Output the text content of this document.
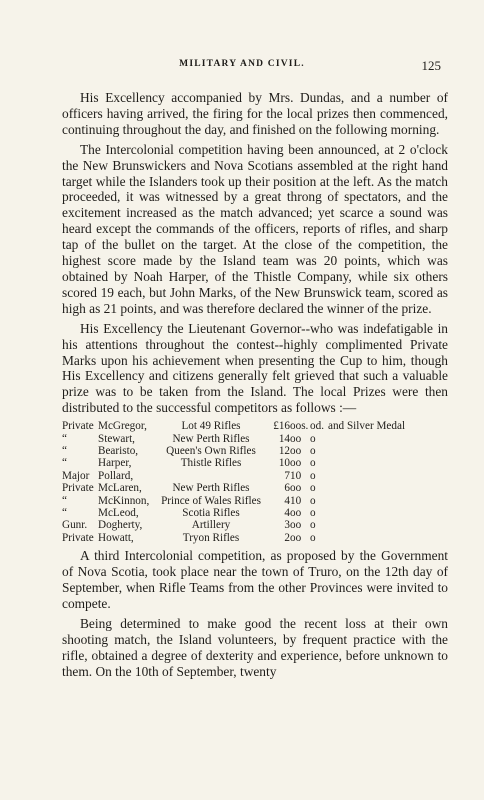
MILITARY AND CIVIL.	125

His Excellency accompanied by Mrs. Dundas, and a number of officers having arrived, the firing for the local prizes then commenced, continuing throughout the day, and finished on the following morning.

The Intercolonial competition having been announced, at 2 o'clock the New Brunswickers and Nova Scotians assembled at the right hand target while the Islanders took up their position at the left. As the match proceeded, it was witnessed by a great throng of spectators, and the excitement increased as the match advanced; yet scarce a sound was heard except the commands of the officers, reports of rifles, and sharp tap of the bullet on the target. At the close of the competition, the highest score made by the Island team was 20 points, which was obtained by Noah Harper, of the Thistle Company, while six others scored 19 each, but John Marks, of the New Brunswick team, scored as high as 21 points, and was therefore declared the winner of the prize.

His Excellency the Lieutenant Governor--who was indefatigable in his attentions throughout the contest--highly complimented Private Marks upon his achievement when presenting the Cup to him, though His Excellency and citizens generally felt grieved that such a valuable prize was to be taken from the Island. The local Prizes were then distributed to the successful competitors as follows :—

Private	McGregor,	Lot 49 Rifles	£16	oos.	od.	and Silver Medal
“	Stewart,	New Perth Rifles	14	oo	o	
“	Bearisto,	Queen's Own Rifles	12	oo	o	
“	Harper,	Thistle Rifles	10	oo	o	
Major	Pollard,		7	10	o	
Private	McLaren,	New Perth Rifles	6	oo	o	
“	McKinnon,	Prince of Wales Rifles	4	10	o	
“	McLeod,	Scotia Rifles	4	oo	o	
Gunr.	Dogherty,	Artillery	3	oo	o	
Private	Howatt,	Tryon Rifles	2	oo	o	

A third Intercolonial competition, as proposed by the Government of Nova Scotia, took place near the town of Truro, on the 12th day of September, when Rifle Teams from the other Provinces were invited to compete.

Being determined to make good the recent loss at their own shooting match, the Island volunteers, by frequent practice with the rifle, obtained a degree of dexterity and experience, before unknown to them. On the 10th of September, twenty
